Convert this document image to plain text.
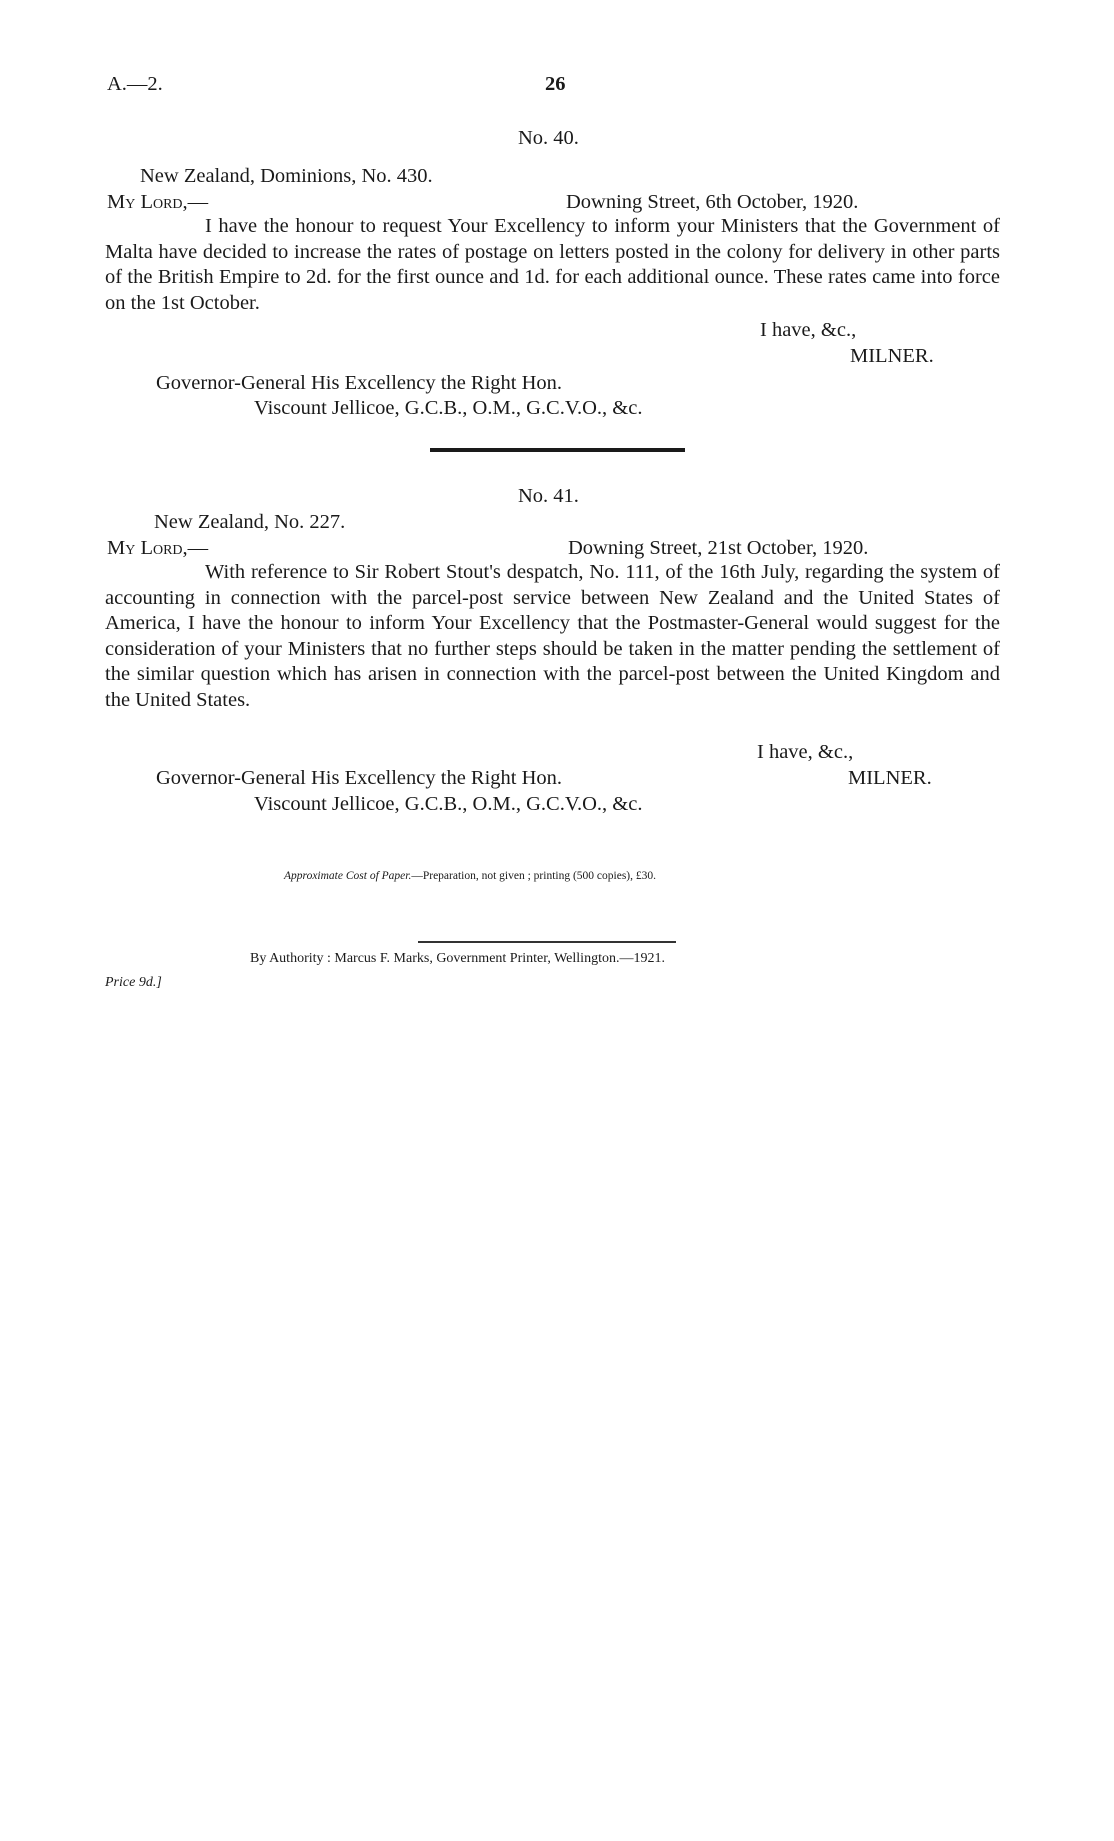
A.—2.	26
No. 40.
New Zealand, Dominions, No. 430.
My Lord,—	Downing Street, 6th October, 1920.
I have the honour to request Your Excellency to inform your Ministers that the Government of Malta have decided to increase the rates of postage on letters posted in the colony for delivery in other parts of the British Empire to 2d. for the first ounce and 1d. for each additional ounce. These rates came into force on the 1st October.
I have, &c.,
MILNER.
Governor-General His Excellency the Right Hon.
Viscount Jellicoe, G.C.B., O.M., G.C.V.O., &c.
No. 41.
New Zealand, No. 227.
My Lord,—	Downing Street, 21st October, 1920.
With reference to Sir Robert Stout's despatch, No. 111, of the 16th July, regarding the system of accounting in connection with the parcel-post service between New Zealand and the United States of America, I have the honour to inform Your Excellency that the Postmaster-General would suggest for the consideration of your Ministers that no further steps should be taken in the matter pending the settlement of the similar question which has arisen in connection with the parcel-post between the United Kingdom and the United States.
I have, &c.,
Governor-General His Excellency the Right Hon.	MILNER.
Viscount Jellicoe, G.C.B., O.M., G.C.V.O., &c.
Approximate Cost of Paper.—Preparation, not given ; printing (500 copies), £30.
By Authority : Marcus F. Marks, Government Printer, Wellington.—1921.
Price 9d.]
